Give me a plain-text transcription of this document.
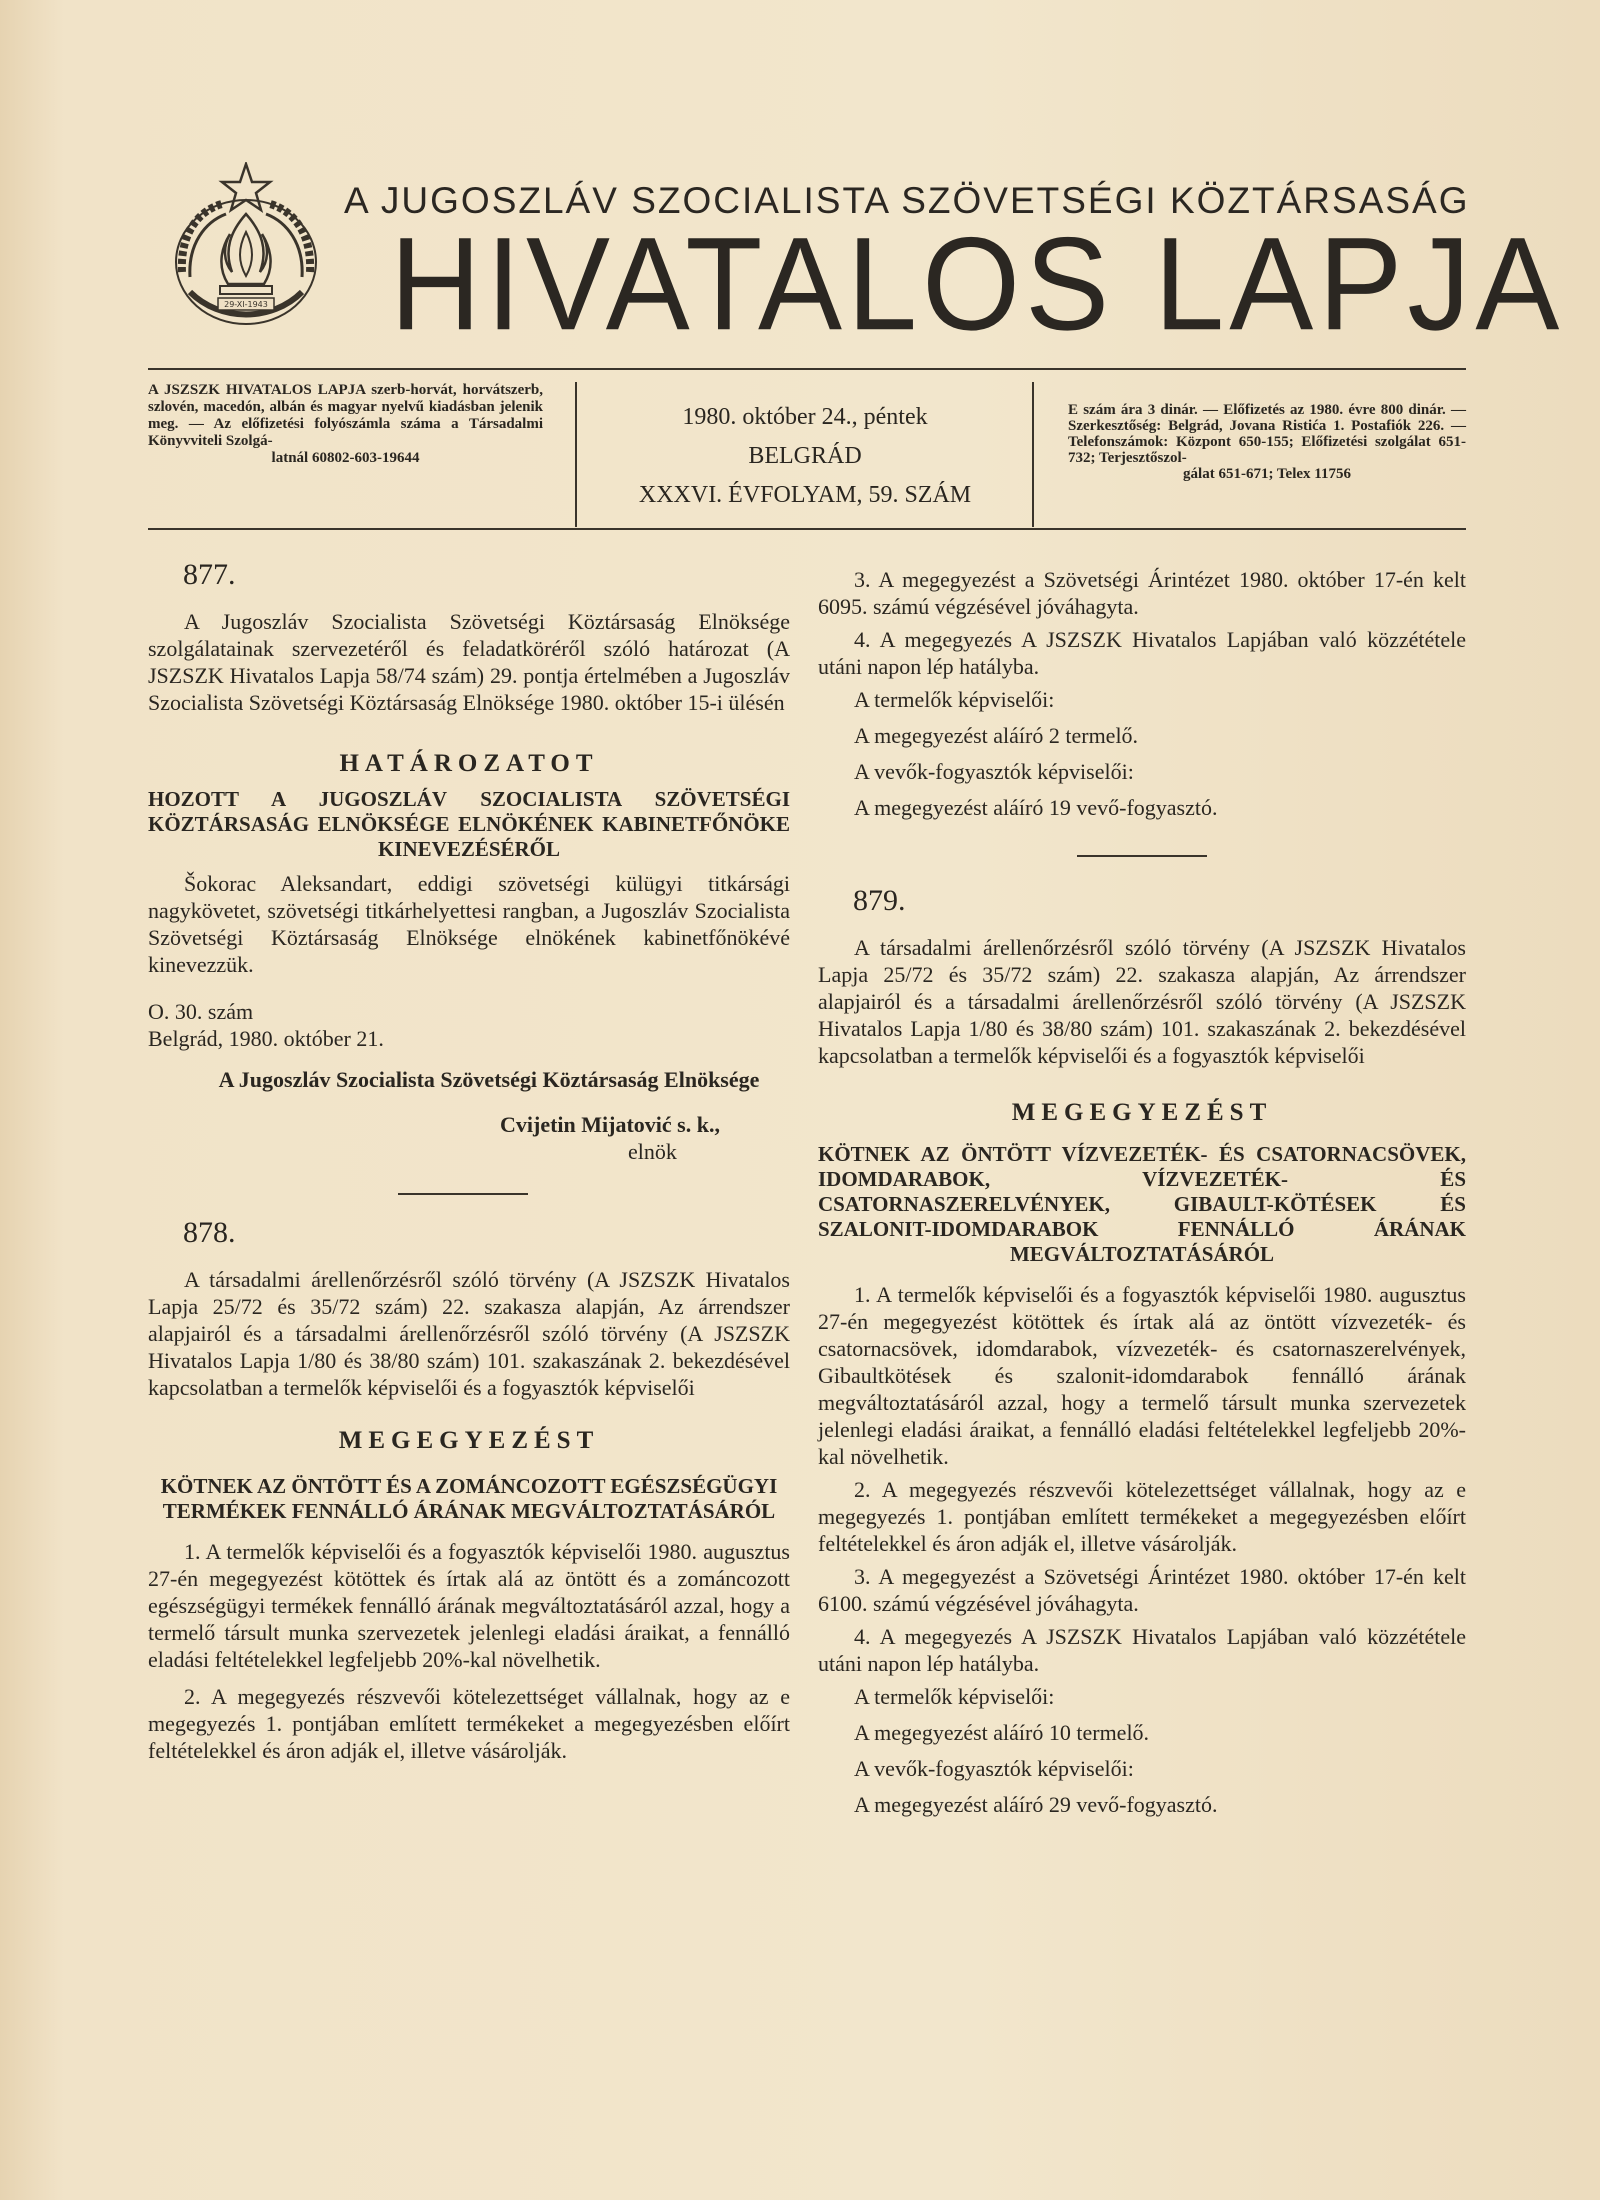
29-XI-1943
A JUGOSZLÁV SZOCIALISTA SZÖVETSÉGI KÖZTÁRSASÁG
HIVATALOS LAPJA
A JSZSZK HIVATALOS LAPJA szerb-horvát, horvátszerb, szlovén, macedón, albán és magyar nyelvű kiadásban jelenik meg. — Az előfizetési folyószámla száma a Társadalmi Könyvviteli Szolgá-
latnál 60802-603-19644
1980. október 24., péntek
BELGRÁD
XXXVI. ÉVFOLYAM, 59. SZÁM
E szám ára 3 dinár. — Előfizetés az 1980. évre 800 dinár. — Szerkesztőség: Belgrád, Jovana Ristića 1. Postafiók 226. — Telefonszámok: Központ 650-155; Előfizetési szolgálat 651-732; Terjesztőszol-
gálat 651-671; Telex 11756
877.

A Jugoszláv Szocialista Szövetségi Köztársaság Elnöksége szolgálatainak szervezetéről és feladatköréről szóló határozat (A JSZSZK Hivatalos Lapja 58/74 szám) 29. pontja értelmében a Jugoszláv Szocialista Szövetségi Köztársaság Elnöksége 1980. október 15-i ülésén

HATÁROZATOT
HOZOTT A JUGOSZLÁV SZOCIALISTA SZÖVETSÉGI KÖZTÁRSASÁG ELNÖKSÉGE ELNÖKÉNEK KABINETFŐNÖKE KINEVEZÉSÉRŐL

Šokorac Aleksandart, eddigi szövetségi külügyi titkársági nagykövetet, szövetségi titkárhelyettesi rangban, a Jugoszláv Szocialista Szövetségi Köztársaság Elnöksége elnökének kabinetfőnökévé kinevezzük.

O. 30. szám
Belgrád, 1980. október 21.
A Jugoszláv Szocialista Szövetségi Köztársaság Elnöksége
Cvijetin Mijatović s. k.,
elnök
878.

A társadalmi árellenőrzésről szóló törvény (A JSZSZK Hivatalos Lapja 25/72 és 35/72 szám) 22. szakasza alapján, Az árrendszer alapjairól és a társadalmi árellenőrzésről szóló törvény (A JSZSZK Hivatalos Lapja 1/80 és 38/80 szám) 101. szakaszának 2. bekezdésével kapcsolatban a termelők képviselői és a fogyasztók képviselői

MEGEGYEZÉST
KÖTNEK AZ ÖNTÖTT ÉS A ZOMÁNCOZOTT EGÉSZSÉGÜGYI TERMÉKEK FENNÁLLÓ ÁRÁNAK MEGVÁLTOZTATÁSÁRÓL

1. A termelők képviselői és a fogyasztók képviselői 1980. augusztus 27-én megegyezést kötöttek és írtak alá az öntött és a zománcozott egészségügyi termékek fennálló árának megváltoztatásáról azzal, hogy a termelő társult munka szervezetek jelenlegi eladási áraikat, a fennálló eladási feltételekkel legfeljebb 20%-kal növelhetik.

2. A megegyezés részvevői kötelezettséget vállalnak, hogy az e megegyezés 1. pontjában említett termékeket a megegyezésben előírt feltételekkel és áron adják el, illetve vásárolják.

3. A megegyezést a Szövetségi Árintézet 1980. október 17-én kelt 6095. számú végzésével jóváhagyta.

4. A megegyezés A JSZSZK Hivatalos Lapjában való közzététele utáni napon lép hatályba.

A termelők képviselői:

A megegyezést aláíró 2 termelő.

A vevők-fogyasztók képviselői:

A megegyezést aláíró 19 vevő-fogyasztó.

879.

A társadalmi árellenőrzésről szóló törvény (A JSZSZK Hivatalos Lapja 25/72 és 35/72 szám) 22. szakasza alapján, Az árrendszer alapjairól és a társadalmi árellenőrzésről szóló törvény (A JSZSZK Hivatalos Lapja 1/80 és 38/80 szám) 101. szakaszának 2. bekezdésével kapcsolatban a termelők képviselői és a fogyasztók képviselői

MEGEGYEZÉST
KÖTNEK AZ ÖNTÖTT VÍZVEZETÉK- ÉS CSATORNACSÖVEK, IDOMDARABOK, VÍZVEZETÉK- ÉS CSATORNASZERELVÉNYEK, GIBAULT-KÖTÉSEK ÉS SZALONIT-IDOMDARABOK FENNÁLLÓ ÁRÁNAK MEGVÁLTOZTATÁSÁRÓL

1. A termelők képviselői és a fogyasztók képviselői 1980. augusztus 27-én megegyezést kötöttek és írtak alá az öntött vízvezeték- és csatornacsövek, idomdarabok, vízvezeték- és csatornaszerelvények, Gibaultkötések és szalonit-idomdarabok fennálló árának megváltoztatásáról azzal, hogy a termelő társult munka szervezetek jelenlegi eladási áraikat, a fennálló eladási feltételekkel legfeljebb 20%-kal növelhetik.

2. A megegyezés részvevői kötelezettséget vállalnak, hogy az e megegyezés 1. pontjában említett termékeket a megegyezésben előírt feltételekkel és áron adják el, illetve vásárolják.

3. A megegyezést a Szövetségi Árintézet 1980. október 17-én kelt 6100. számú végzésével jóváhagyta.

4. A megegyezés A JSZSZK Hivatalos Lapjában való közzététele utáni napon lép hatályba.

A termelők képviselői:

A megegyezést aláíró 10 termelő.

A vevők-fogyasztók képviselői:

A megegyezést aláíró 29 vevő-fogyasztó.
